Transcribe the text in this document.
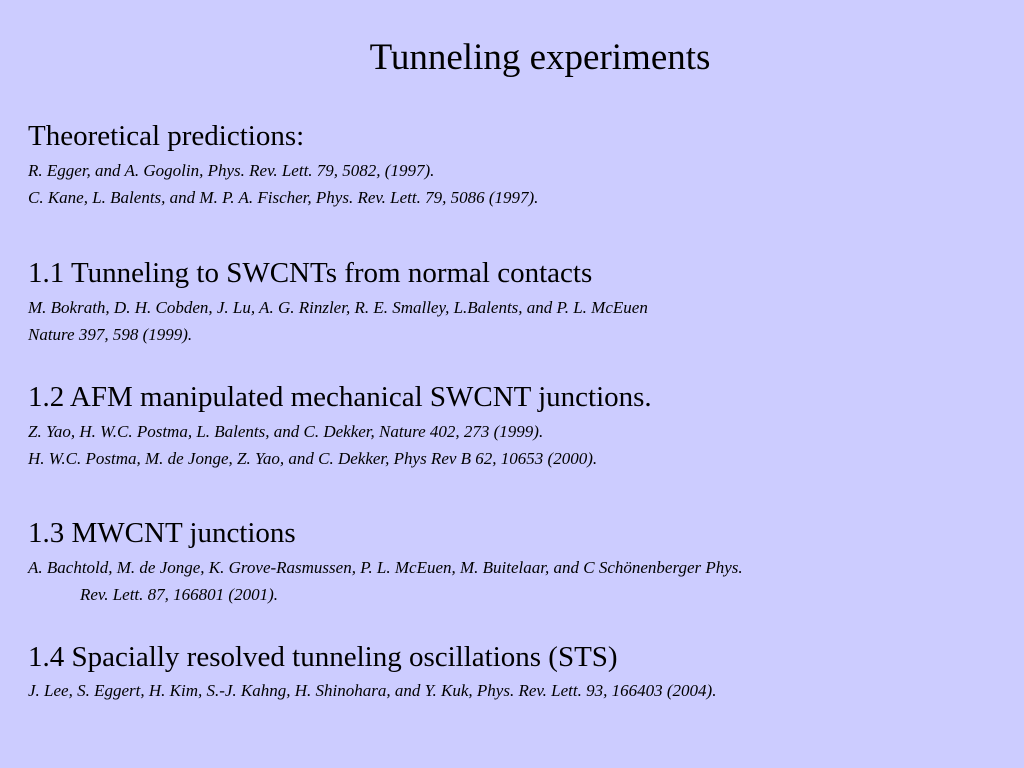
Tunneling experiments
Theoretical predictions:
R. Egger, and A. Gogolin, Phys. Rev. Lett. 79, 5082, (1997).
C. Kane, L. Balents, and M. P. A. Fischer, Phys. Rev. Lett. 79, 5086 (1997).
1.1 Tunneling to SWCNTs from normal contacts
M. Bokrath, D. H. Cobden, J. Lu, A. G. Rinzler, R. E. Smalley, L.Balents, and P. L. McEuen
Nature 397, 598 (1999).
1.2 AFM manipulated mechanical SWCNT junctions.
Z. Yao, H. W.C. Postma, L. Balents, and C. Dekker, Nature 402, 273 (1999).
H. W.C. Postma, M. de Jonge, Z. Yao, and C. Dekker, Phys Rev B 62, 10653 (2000).
1.3 MWCNT junctions
A. Bachtold, M. de Jonge, K. Grove-Rasmussen, P. L. McEuen, M. Buitelaar, and C Schönenberger Phys.
Rev. Lett. 87, 166801 (2001).
1.4 Spacially resolved tunneling oscillations (STS)
J. Lee, S. Eggert, H. Kim, S.-J. Kahng, H. Shinohara, and Y. Kuk, Phys. Rev. Lett. 93, 166403 (2004).
